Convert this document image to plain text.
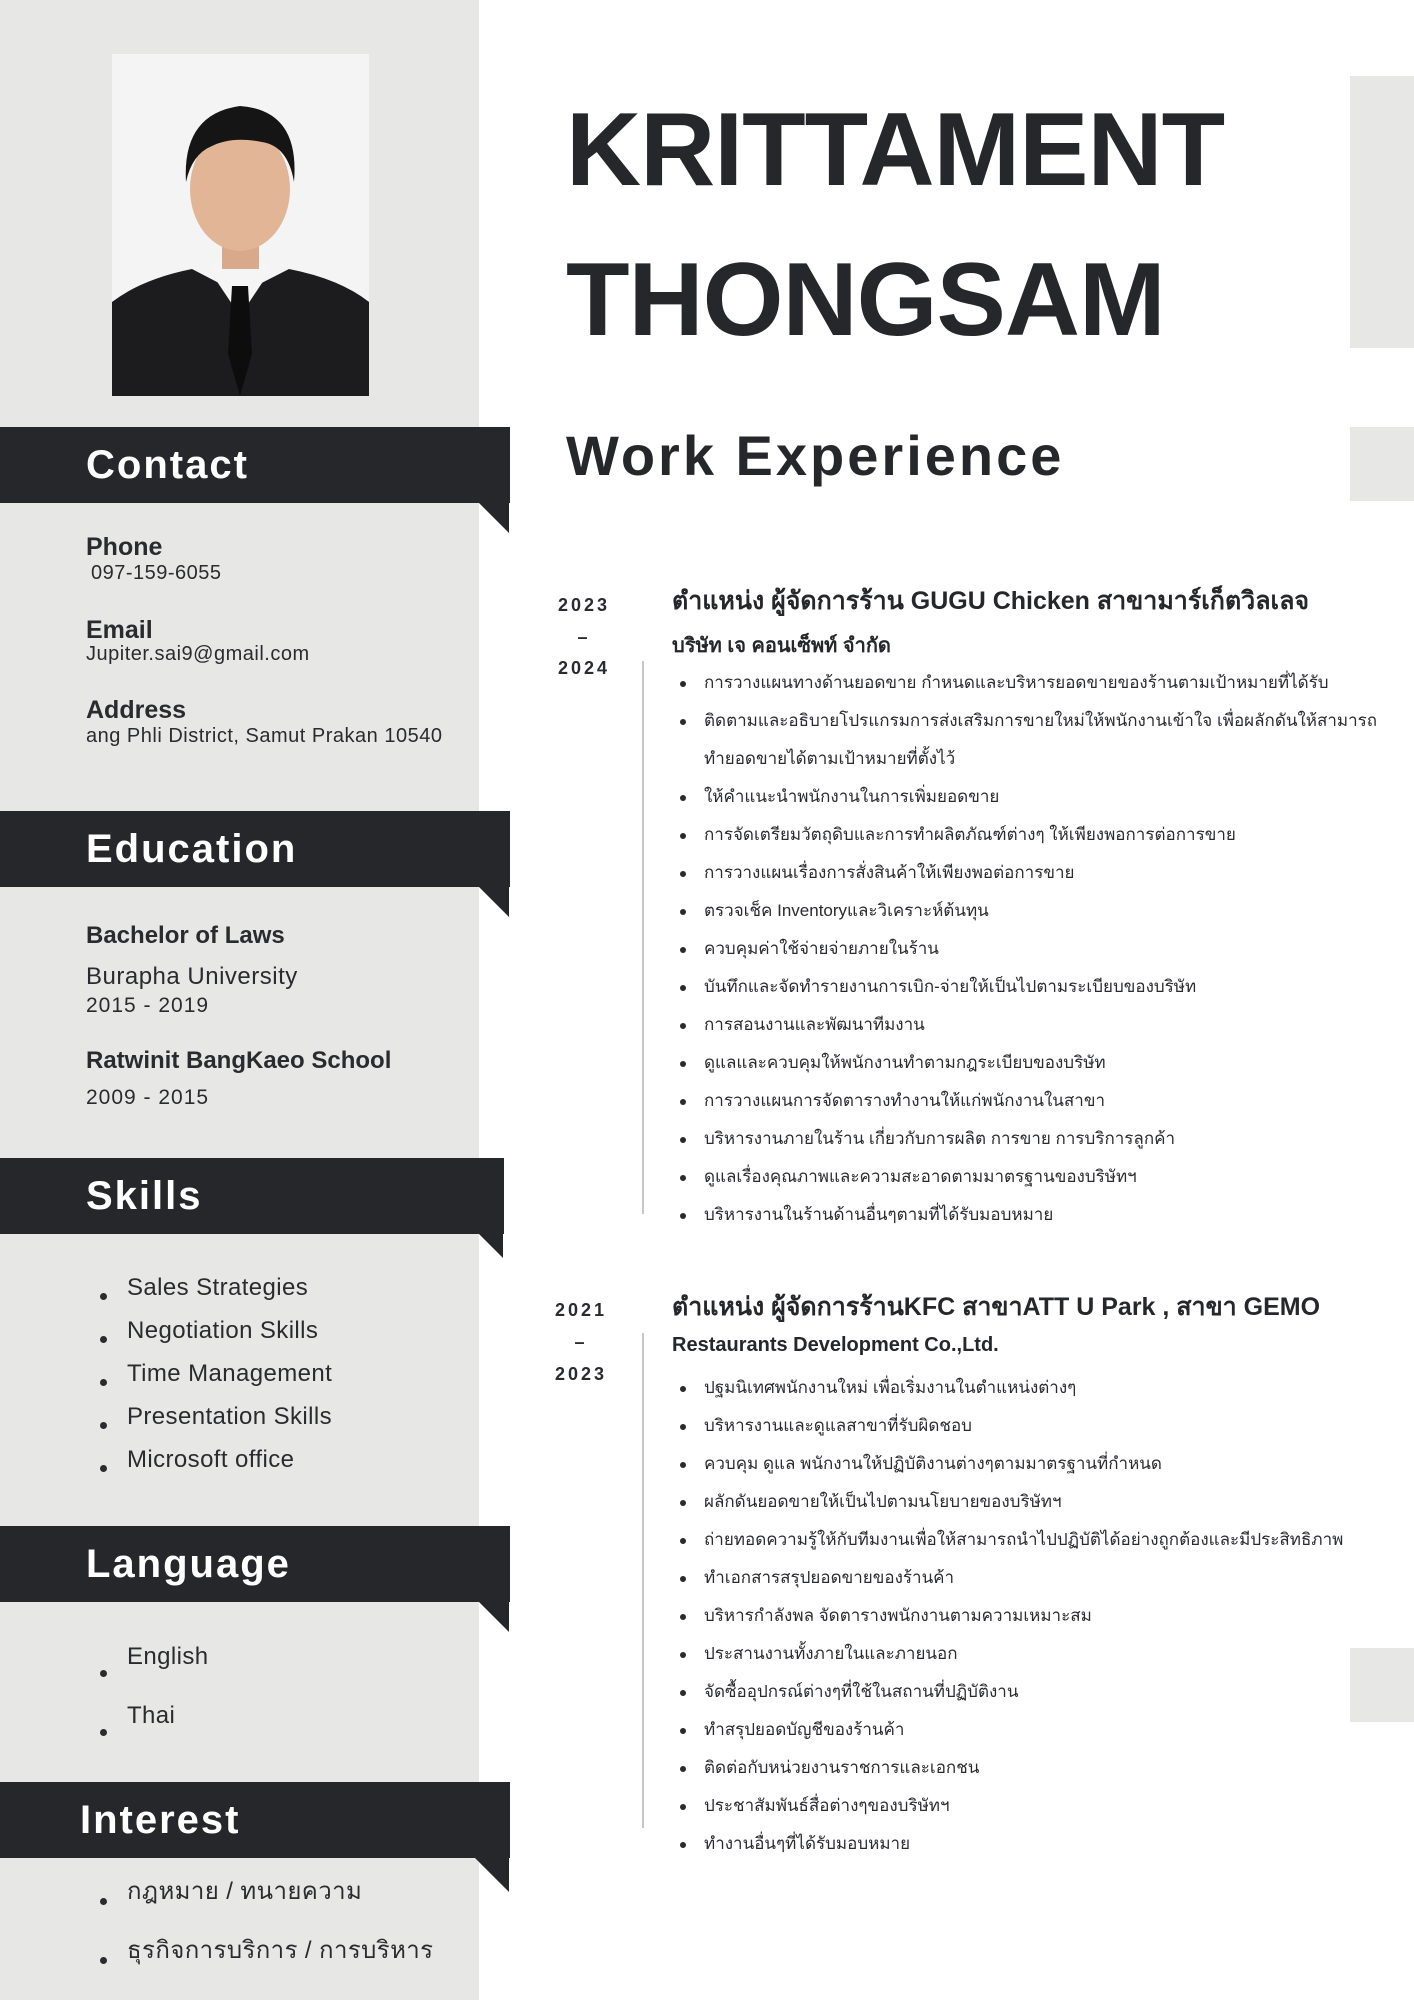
Contact
Phone
097-159-6055
Email
Jupiter.sai9@gmail.com
Address
ang Phli District, Samut Prakan 10540
Education
Bachelor of Laws
Burapha University
2015 - 2019
Ratwinit BangKaeo School
2009 - 2015
Skills
Sales Strategies
Negotiation Skills
Time Management
Presentation Skills
Microsoft office
Language
English
Thai
Interest
กฎหมาย / ทนายความ
ธุรกิจการบริการ / การบริหาร
KRITTAMENT
THONGSAM
Work Experience
2023
–
2024
ตำแหน่ง ผู้จัดการร้าน GUGU Chicken สาขามาร์เก็ตวิลเลจ
บริษัท เจ คอนเซ็พท์ จำกัด
การวางแผนทางด้านยอดขาย กำหนดและบริหารยอดขายของร้านตามเป้าหมายที่ได้รับ
ติดตามและอธิบายโปรแกรมการส่งเสริมการขายใหม่ให้พนักงานเข้าใจ เพื่อผลักดันให้สามารถทำยอดขายได้ตามเป้าหมายที่ตั้งไว้
ให้คำแนะนำพนักงานในการเพิ่มยอดขาย
การจัดเตรียมวัตถุดิบและการทำผลิตภัณฑ์ต่างๆ ให้เพียงพอการต่อการขาย
การวางแผนเรื่องการสั่งสินค้าให้เพียงพอต่อการขาย
ตรวจเช็ค Inventoryและวิเคราะห์ต้นทุน
ควบคุมค่าใช้จ่ายจ่ายภายในร้าน
บันทึกและจัดทำรายงานการเบิก-จ่ายให้เป็นไปตามระเบียบของบริษัท
การสอนงานและพัฒนาทีมงาน
ดูแลและควบคุมให้พนักงานทำตามกฎระเบียบของบริษัท
การวางแผนการจัดตารางทำงานให้แก่พนักงานในสาขา
บริหารงานภายในร้าน เกี่ยวกับการผลิต การขาย การบริการลูกค้า
ดูแลเรื่องคุณภาพและความสะอาดตามมาตรฐานของบริษัทฯ
บริหารงานในร้านด้านอื่นๆตามที่ได้รับมอบหมาย
2021
–
2023
ตำแหน่ง ผู้จัดการร้านKFC สาขาATT U Park , สาขา GEMO
Restaurants Development Co.,Ltd.
ปฐมนิเทศพนักงานใหม่ เพื่อเริ่มงานในตำแหน่งต่างๆ
บริหารงานและดูแลสาขาที่รับผิดชอบ
ควบคุม ดูแล พนักงานให้ปฏิบัติงานต่างๆตามมาตรฐานที่กำหนด
ผลักดันยอดขายให้เป็นไปตามนโยบายของบริษัทฯ
ถ่ายทอดความรู้ให้กับทีมงานเพื่อให้สามารถนำไปปฏิบัติได้อย่างถูกต้องและมีประสิทธิภาพ
ทำเอกสารสรุปยอดขายของร้านค้า
บริหารกำลังพล จัดตารางพนักงานตามความเหมาะสม
ประสานงานทั้งภายในและภายนอก
จัดซื้ออุปกรณ์ต่างๆที่ใช้ในสถานที่ปฏิบัติงาน
ทำสรุปยอดบัญชีของร้านค้า
ติดต่อกับหน่วยงานราชการและเอกชน
ประชาสัมพันธ์สื่อต่างๆของบริษัทฯ
ทำงานอื่นๆที่ได้รับมอบหมาย
